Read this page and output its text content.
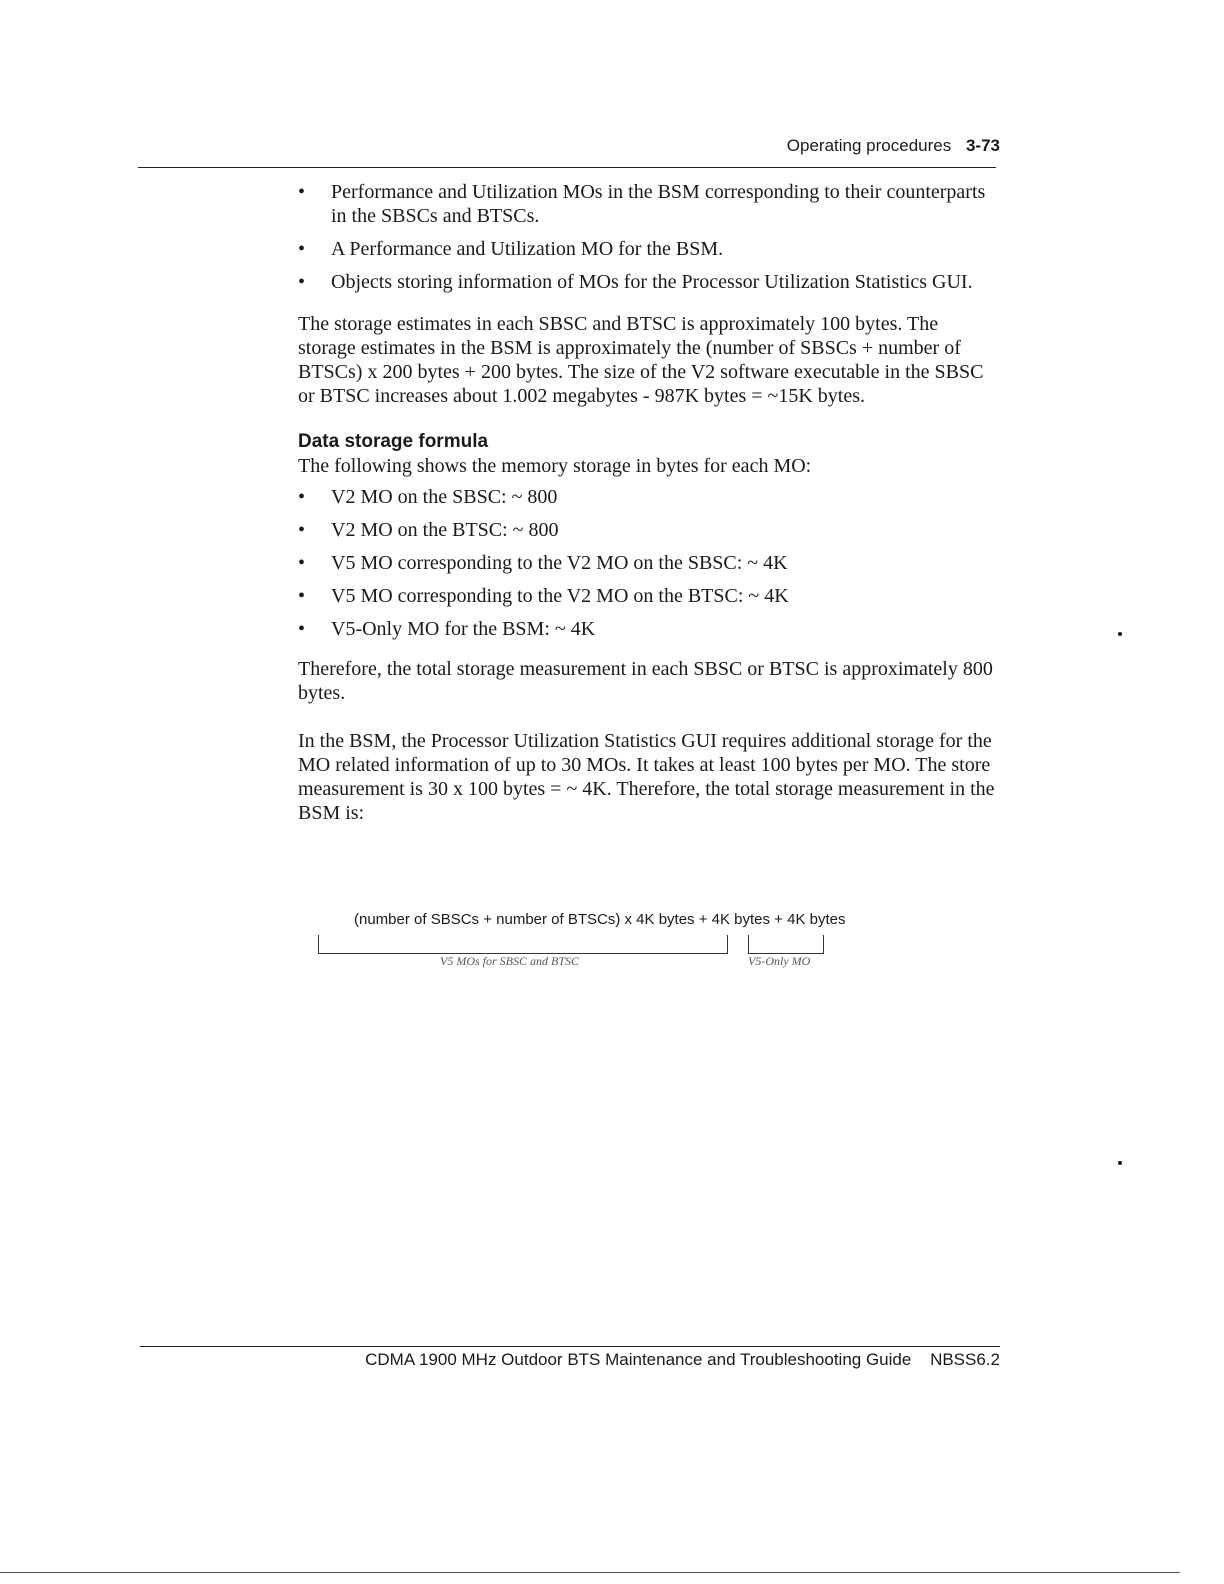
Operating procedures 3-73
• Performance and Utilization MOs in the BSM corresponding to their counterparts in the SBSCs and BTSCs.
• A Performance and Utilization MO for the BSM.
• Objects storing information of MOs for the Processor Utilization Statistics GUI.

The storage estimates in each SBSC and BTSC is approximately 100 bytes. The storage estimates in the BSM is approximately the (number of SBSCs + number of BTSCs) x 200 bytes + 200 bytes. The size of the V2 software executable in the SBSC or BTSC increases about 1.002 megabytes - 987K bytes = ~15K bytes.

Data storage formula

The following shows the memory storage in bytes for each MO:

• V2 MO on the SBSC: ~ 800
• V2 MO on the BTSC: ~ 800
• V5 MO corresponding to the V2 MO on the SBSC: ~ 4K
• V5 MO corresponding to the V2 MO on the BTSC: ~ 4K
• V5-Only MO for the BSM: ~ 4K

Therefore, the total storage measurement in each SBSC or BTSC is approximately 800 bytes.

In the BSM, the Processor Utilization Statistics GUI requires additional storage for the MO related information of up to 30 MOs. It takes at least 100 bytes per MO. The store measurement is 30 x 100 bytes = ~ 4K. Therefore, the total storage measurement in the BSM is:

(number of SBSCs + number of BTSCs) x 4K bytes + 4K bytes + 4K bytes
V5 MOs for SBSC and BTSC	V5-Only MO
CDMA 1900 MHz Outdoor BTS Maintenance and Troubleshooting Guide NBSS6.2
